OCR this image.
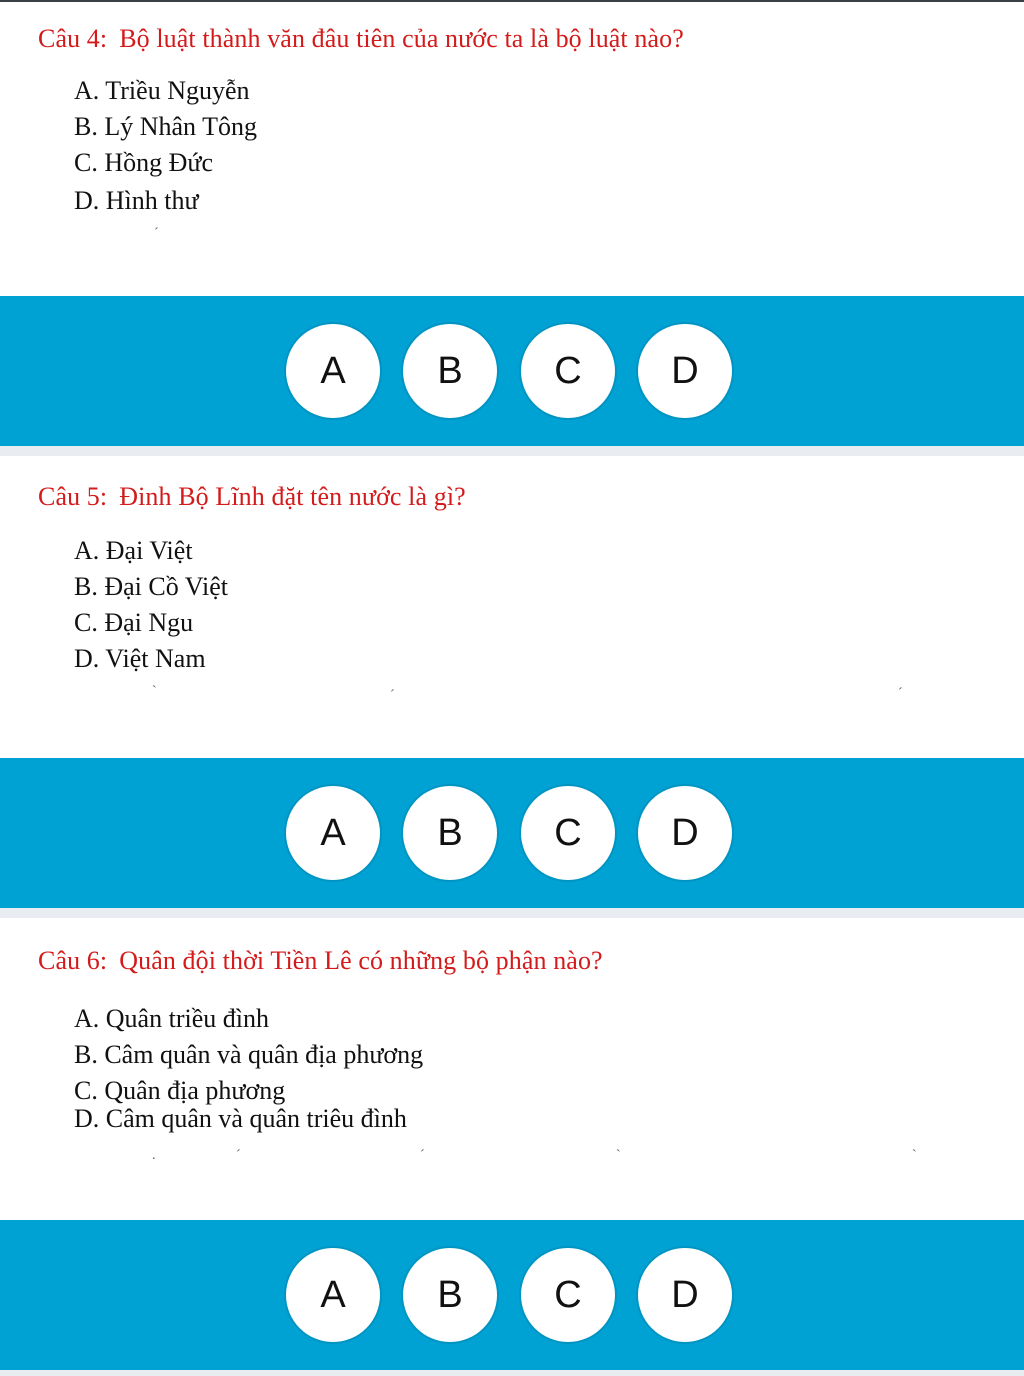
Câu 4: Bộ luật thành văn đâu tiên của nước ta là bộ luật nào?
A. Triều Nguyễn
B. Lý Nhân Tông
C. Hồng Đức
D. Hình thư
ˊ
A	B	C	D
Câu 5: Đinh Bộ Lĩnh đặt tên nước là gì?
A. Đại Việt
B. Đại Cồ Việt
C. Đại Ngu
D. Việt Nam
ˋ	ˊ	ˊ
A	B	C	D
Câu 6: Quân đội thời Tiền Lê có những bộ phận nào?
A. Quân triều đình
B. Câm quân và quân địa phương
C. Quân địa phương
D. Câm quân và quân triêu đình
.	ˊ	ˊ	ˋ	ˋ
A	B	C	D
